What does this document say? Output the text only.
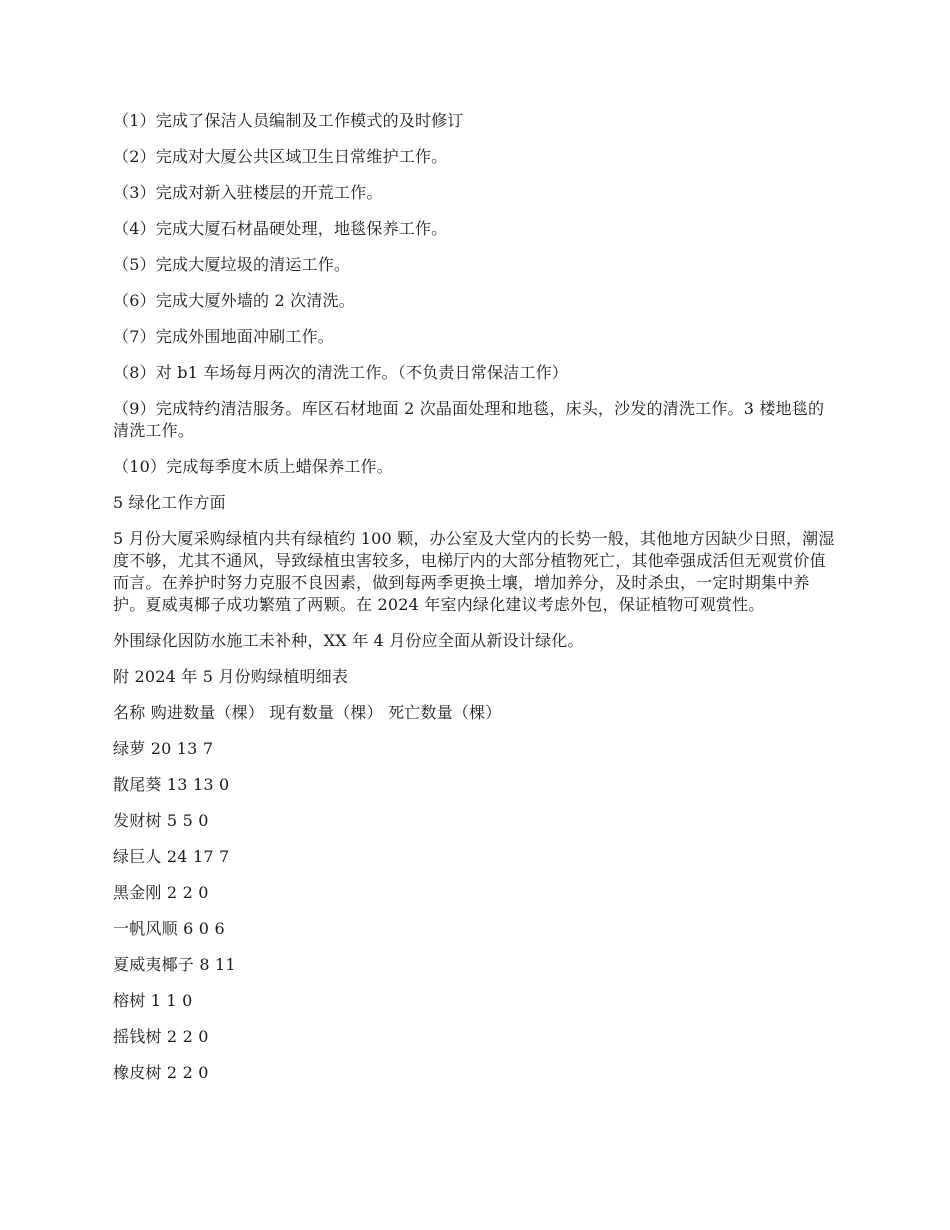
（1）完成了保洁人员编制及工作模式的及时修订
（2）完成对大厦公共区域卫生日常维护工作。
（3）完成对新入驻楼层的开荒工作。
（4）完成大厦石材晶硬处理，地毯保养工作。
（5）完成大厦垃圾的清运工作。
（6）完成大厦外墙的 2 次清洗。
（7）完成外围地面冲刷工作。
（8）对 b1 车场每月两次的清洗工作。（不负责日常保洁工作）
（9）完成特约清洁服务。库区石材地面 2 次晶面处理和地毯，床头，沙发的清洗工作。3 楼地毯的清洗工作。
（10）完成每季度木质上蜡保养工作。
5 绿化工作方面
5 月份大厦采购绿植内共有绿植约 100 颗，办公室及大堂内的长势一般，其他地方因缺少日照，潮湿度不够，尤其不通风，导致绿植虫害较多，电梯厅内的大部分植物死亡，其他牵强成活但无观赏价值而言。在养护时努力克服不良因素，做到每两季更换土壤，增加养分，及时杀虫，一定时期集中养护。夏威夷椰子成功繁殖了两颗。在 2024 年室内绿化建议考虑外包，保证植物可观赏性。
外围绿化因防水施工未补种，XX 年 4 月份应全面从新设计绿化。
附 2024 年 5 月份购绿植明细表
名称 购进数量（棵） 现有数量（棵） 死亡数量（棵）
绿萝 20 13 7
散尾葵 13 13 0
发财树 5 5 0
绿巨人 24 17 7
黑金刚 2 2 0
一帆风顺 6 0 6
夏威夷椰子 8 11
榕树 1 1 0
摇钱树 2 2 0
橡皮树 2 2 0
